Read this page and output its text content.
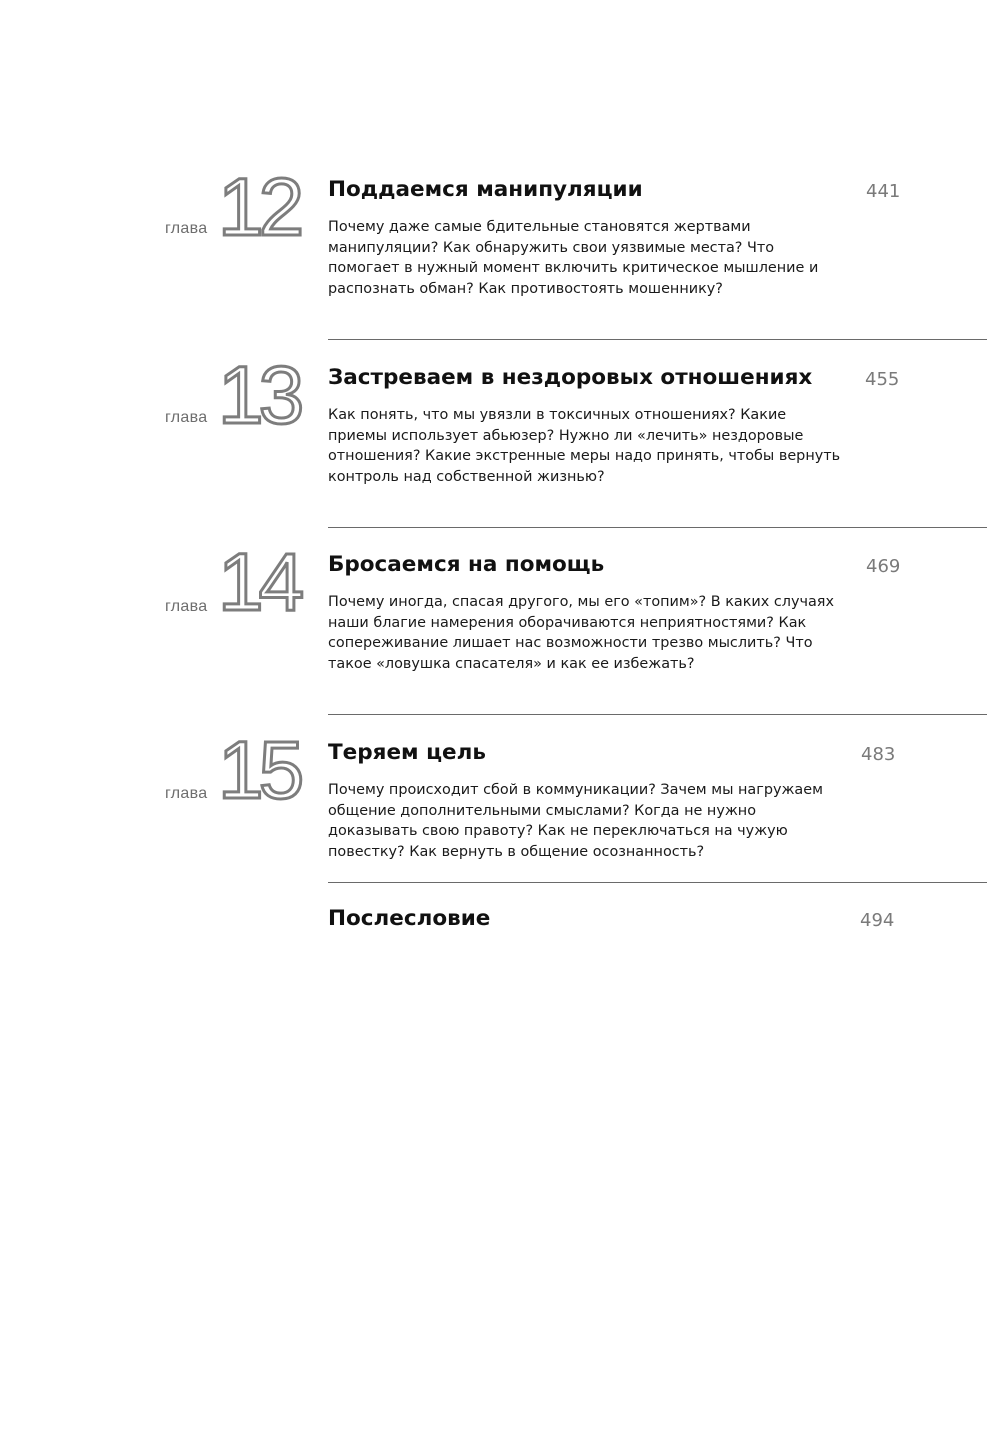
глава 12 Поддаемся манипуляции	441

Почему даже самые бдительные становятся жертвами манипуляции? Как обнаружить свои уязвимые места? Что помогает в нужный момент включить критическое мышление и распознать обман? Как противостоять мошеннику?

глава 13 Застреваем в нездоровых отношениях	455

Как понять, что мы увязли в токсичных отношениях? Какие приемы использует абьюзер? Нужно ли «лечить» нездоровые отношения? Какие экстренные меры надо принять, чтобы вернуть контроль над собственной жизнью?

глава 14 Бросаемся на помощь	469

Почему иногда, спасая другого, мы его «топим»? В каких случаях наши благие намерения оборачиваются неприятностями? Как сопереживание лишает нас возможности трезво мыслить? Что такое «ловушка спасателя» и как ее избежать?

глава 15 Теряем цель	483

Почему происходит сбой в коммуникации? Зачем мы нагружаем общение дополнительными смыслами? Когда не нужно доказывать свою правоту? Как не переключаться на чужую повестку? Как вернуть в общение осознанность?

Послесловие	494
